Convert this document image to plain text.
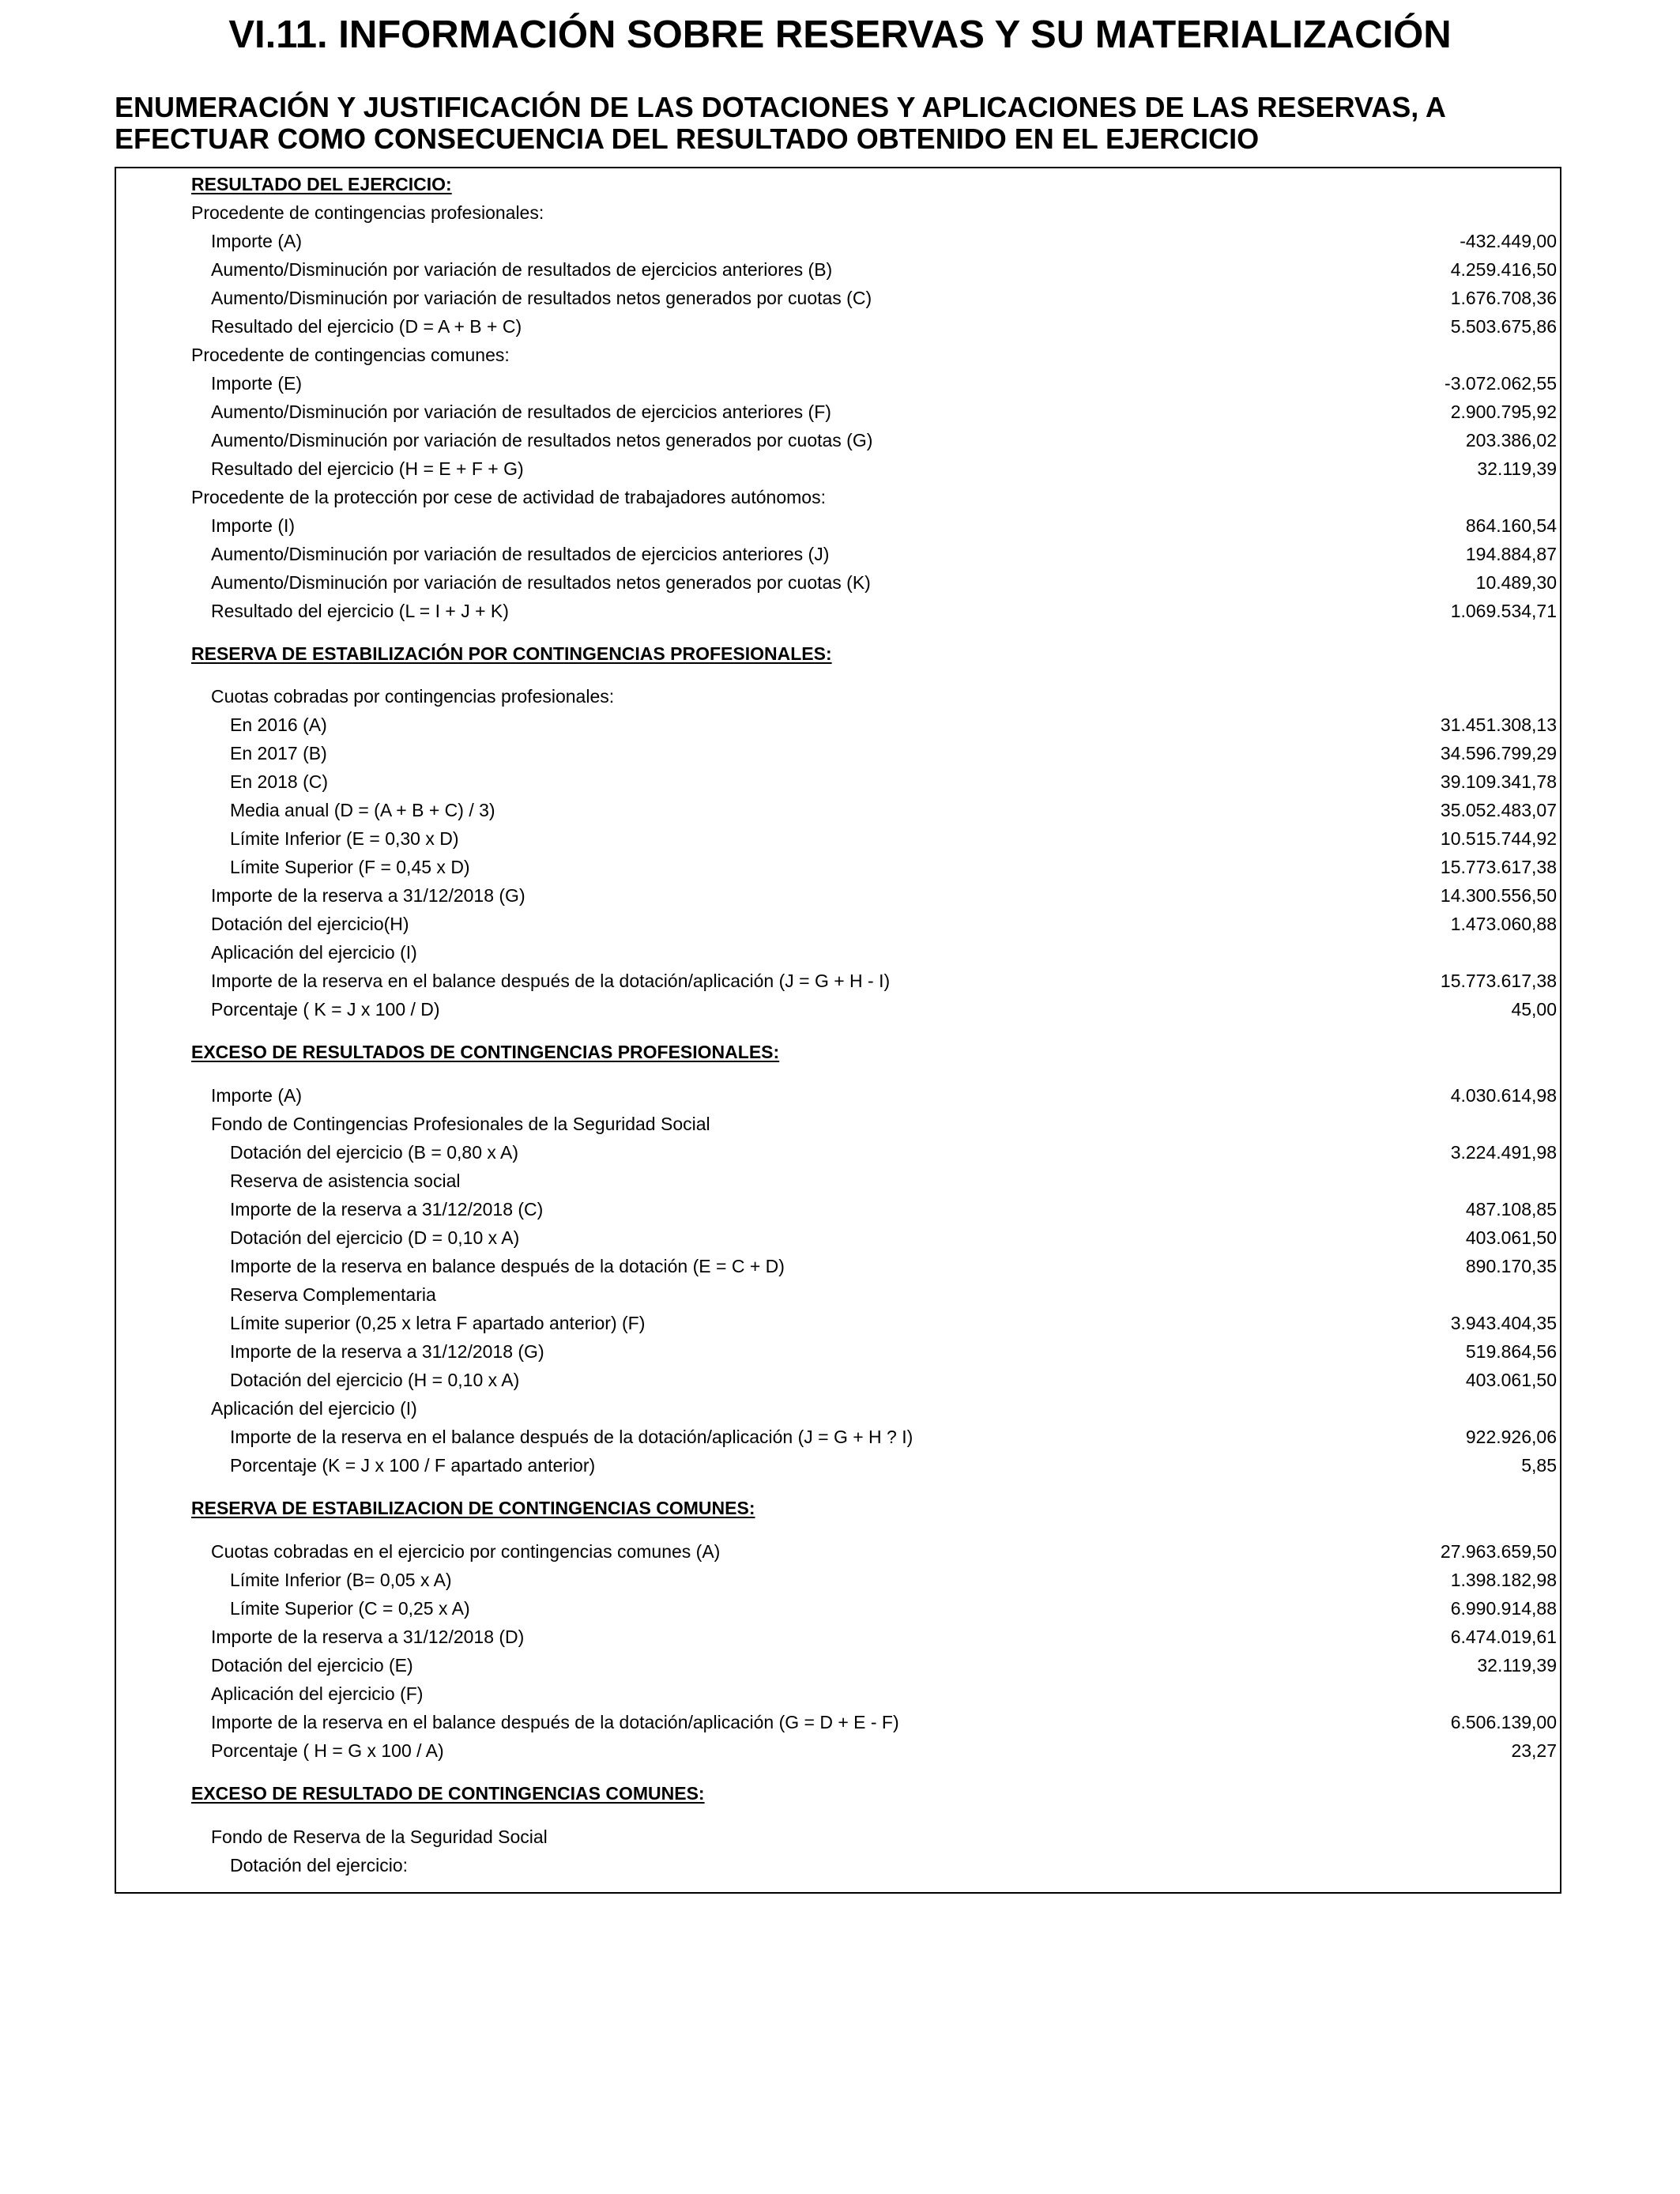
VI.11. INFORMACIÓN SOBRE RESERVAS Y SU MATERIALIZACIÓN
ENUMERACIÓN Y JUSTIFICACIÓN DE LAS DOTACIONES Y APLICACIONES DE LAS RESERVAS, A
EFECTUAR COMO CONSECUENCIA DEL RESULTADO OBTENIDO EN EL EJERCICIO
RESULTADO DEL EJERCICIO:
Procedente de contingencias profesionales:
Importe (A)	-432.449,00
Aumento/Disminución por variación de resultados de ejercicios anteriores (B)	4.259.416,50
Aumento/Disminución por variación de resultados netos generados por cuotas (C)	1.676.708,36
Resultado del ejercicio (D = A + B + C)	5.503.675,86
Procedente de contingencias comunes:
Importe (E)	-3.072.062,55
Aumento/Disminución por variación de resultados de ejercicios anteriores (F)	2.900.795,92
Aumento/Disminución por variación de resultados netos generados por cuotas (G)	203.386,02
Resultado del ejercicio (H = E + F + G)	32.119,39
Procedente de la protección por cese de actividad de trabajadores autónomos:
Importe (I)	864.160,54
Aumento/Disminución por variación de resultados de ejercicios anteriores (J)	194.884,87
Aumento/Disminución por variación de resultados netos generados por cuotas (K)	10.489,30
Resultado del ejercicio (L = I + J + K)	1.069.534,71
RESERVA DE ESTABILIZACIÓN POR CONTINGENCIAS PROFESIONALES:
Cuotas cobradas por contingencias profesionales:
En 2016 (A)	31.451.308,13
En 2017 (B)	34.596.799,29
En 2018 (C)	39.109.341,78
Media anual (D = (A + B + C) / 3)	35.052.483,07
Límite Inferior (E = 0,30 x D)	10.515.744,92
Límite Superior (F = 0,45 x D)	15.773.617,38
Importe de la reserva a 31/12/2018 (G)	14.300.556,50
Dotación del ejercicio(H)	1.473.060,88
Aplicación del ejercicio (I)
Importe de la reserva en el balance después de la dotación/aplicación (J = G + H - I)	15.773.617,38
Porcentaje ( K = J x 100 / D)	45,00
EXCESO DE RESULTADOS DE CONTINGENCIAS PROFESIONALES:
Importe (A)	4.030.614,98
Fondo de Contingencias Profesionales de la Seguridad Social
Dotación del ejercicio (B = 0,80 x A)	3.224.491,98
Reserva de asistencia social
Importe de la reserva a 31/12/2018 (C)	487.108,85
Dotación del ejercicio (D = 0,10 x A)	403.061,50
Importe de la reserva en balance después de la dotación (E = C + D)	890.170,35
Reserva Complementaria
Límite superior (0,25 x letra F apartado anterior) (F)	3.943.404,35
Importe de la reserva a 31/12/2018 (G)	519.864,56
Dotación del ejercicio (H = 0,10 x A)	403.061,50
Aplicación del ejercicio (I)
Importe de la reserva en el balance después de la dotación/aplicación (J = G + H ? I)	922.926,06
Porcentaje (K = J x 100 / F apartado anterior)	5,85
RESERVA DE ESTABILIZACION DE CONTINGENCIAS COMUNES:
Cuotas cobradas en el ejercicio por contingencias comunes (A)	27.963.659,50
Límite Inferior (B= 0,05 x A)	1.398.182,98
Límite Superior (C = 0,25 x A)	6.990.914,88
Importe de la reserva a 31/12/2018 (D)	6.474.019,61
Dotación del ejercicio (E)	32.119,39
Aplicación del ejercicio (F)
Importe de la reserva en el balance después de la dotación/aplicación (G = D + E - F)	6.506.139,00
Porcentaje ( H = G x 100 / A)	23,27
EXCESO DE RESULTADO DE CONTINGENCIAS COMUNES:
Fondo de Reserva de la Seguridad Social
Dotación del ejercicio:
